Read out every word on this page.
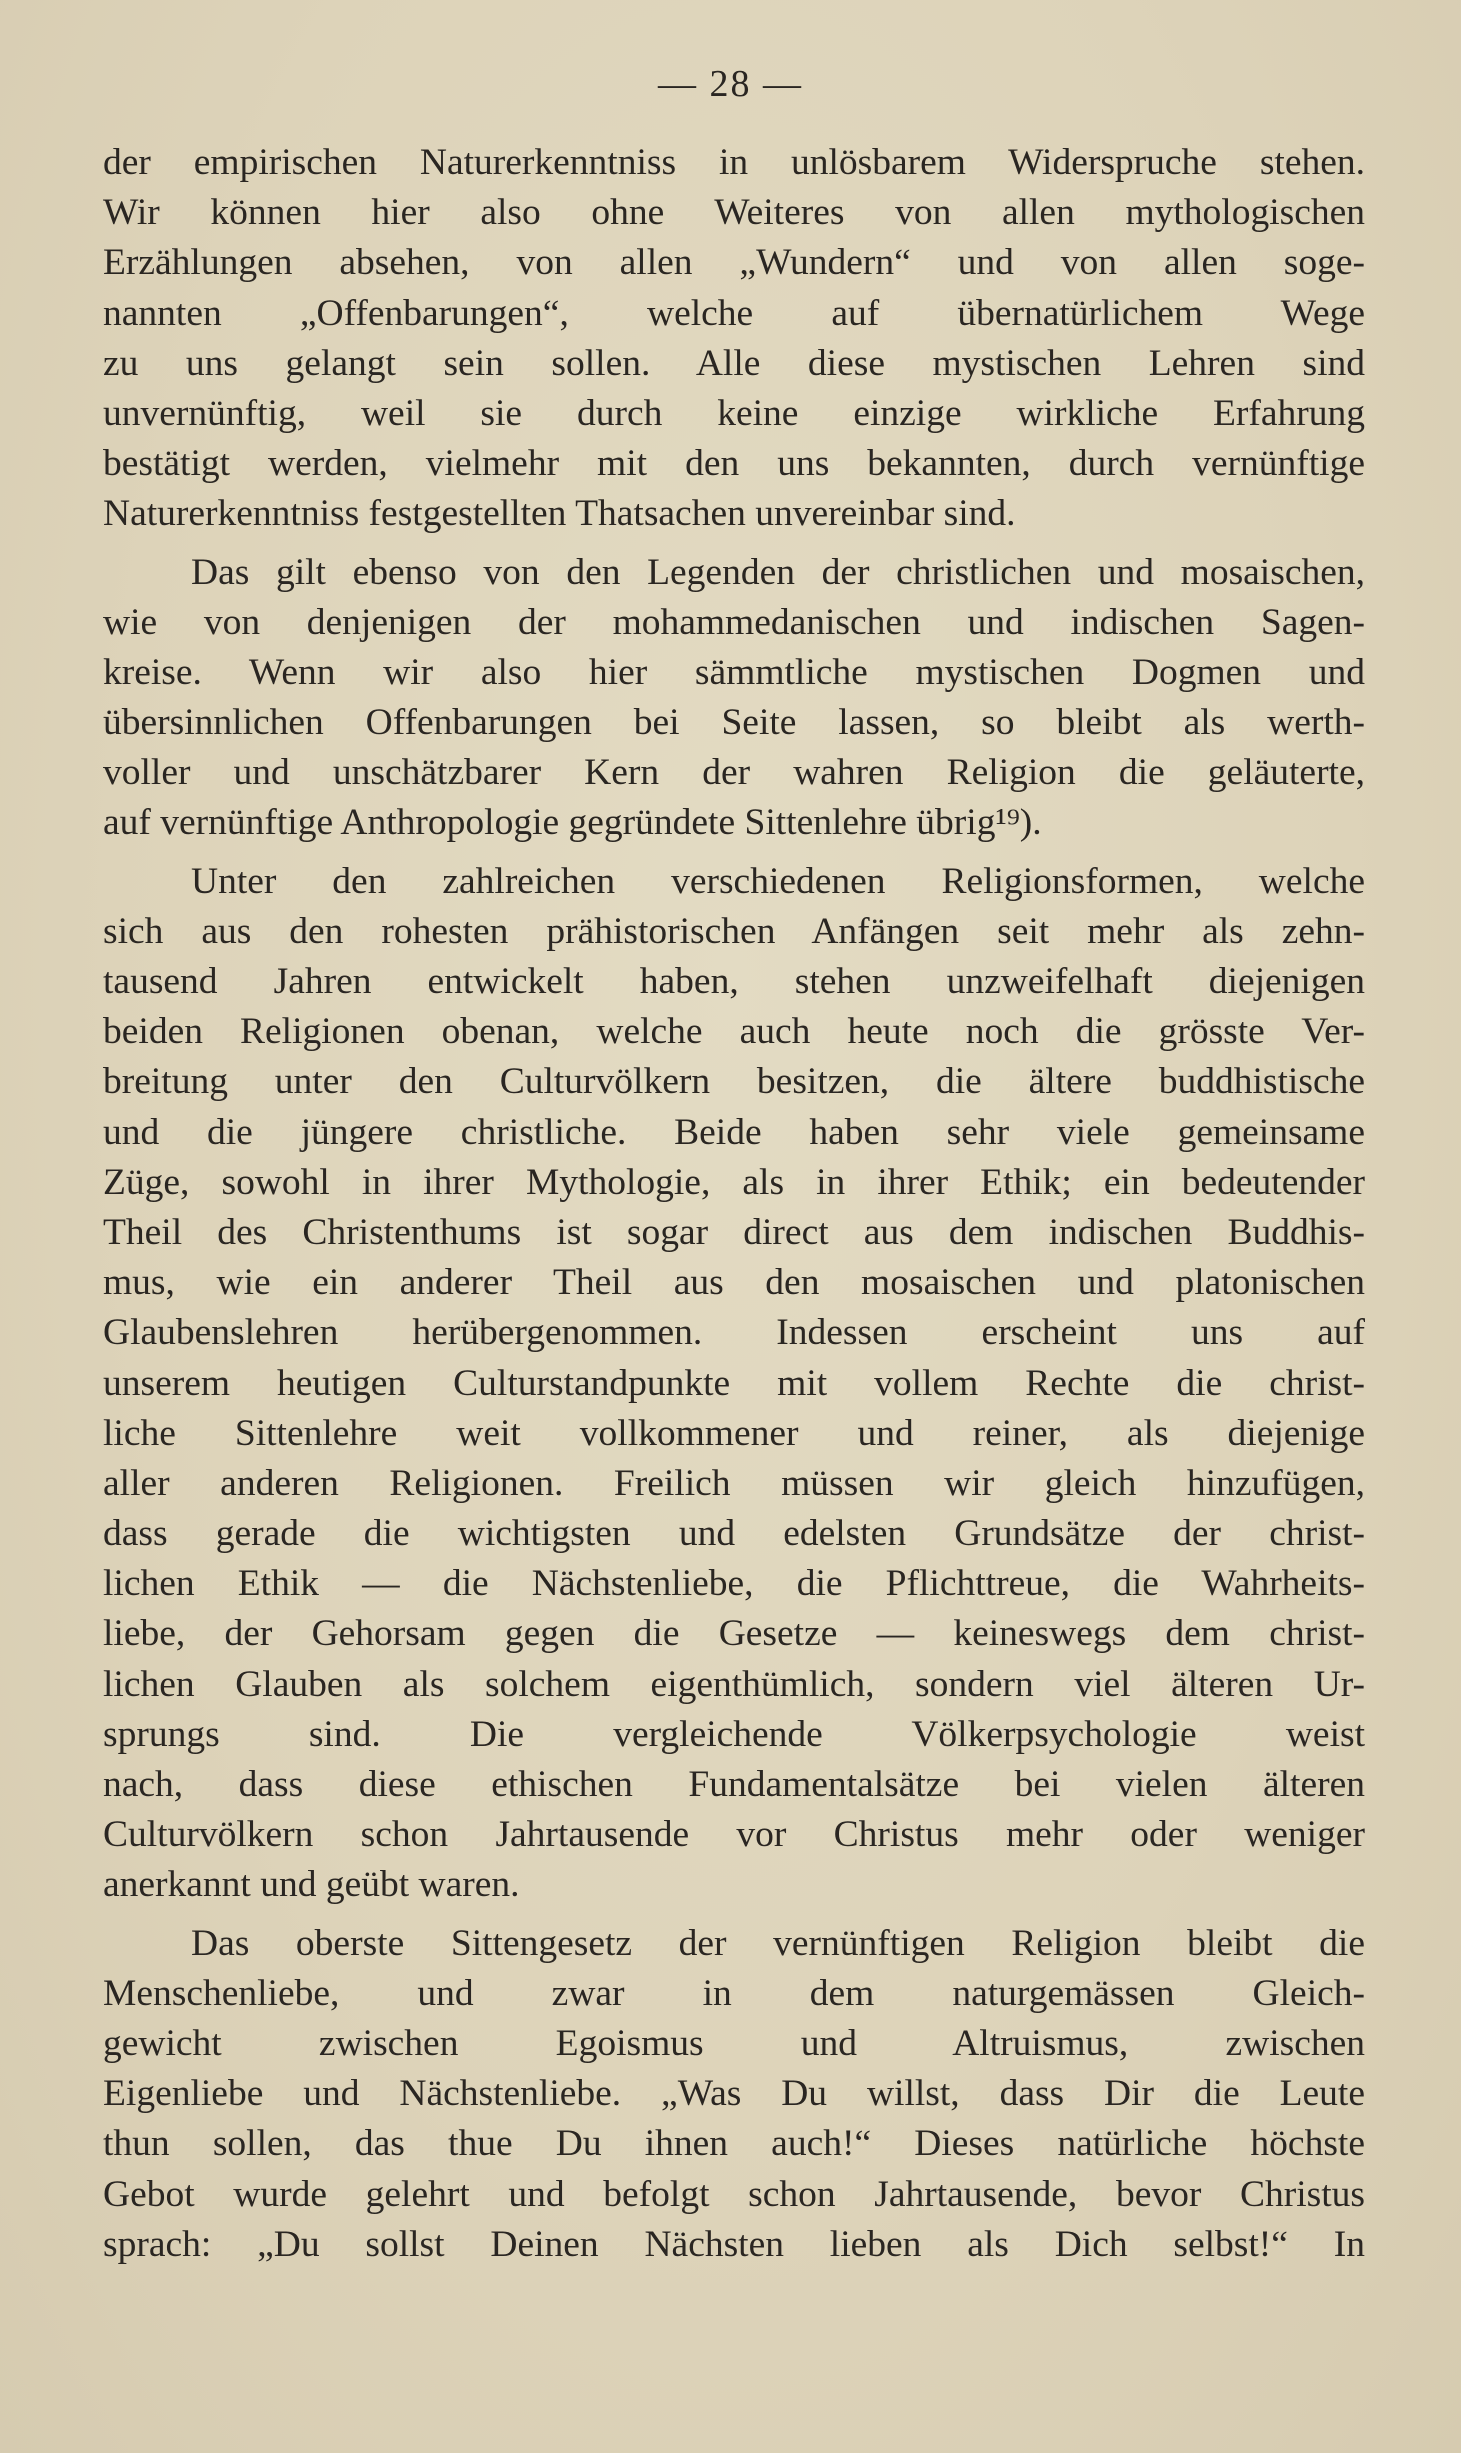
— 28 —
der empirischen Naturerkenntniss in unlösbarem Widerspruche stehen.
Wir können hier also ohne Weiteres von allen mythologischen
Erzählungen absehen, von allen „Wundern“ und von allen soge-
nannten „Offenbarungen“, welche auf übernatürlichem Wege
zu uns gelangt sein sollen. Alle diese mystischen Lehren sind
unvernünftig, weil sie durch keine einzige wirkliche Erfahrung
bestätigt werden, vielmehr mit den uns bekannten, durch vernünftige
Naturerkenntniss festgestellten Thatsachen unvereinbar sind.
Das gilt ebenso von den Legenden der christlichen und mosaischen,
wie von denjenigen der mohammedanischen und indischen Sagen-
kreise. Wenn wir also hier sämmtliche mystischen Dogmen und
übersinnlichen Offenbarungen bei Seite lassen, so bleibt als werth-
voller und unschätzbarer Kern der wahren Religion die geläuterte,
auf vernünftige Anthropologie gegründete Sittenlehre übrig¹⁹).
Unter den zahlreichen verschiedenen Religionsformen, welche
sich aus den rohesten prähistorischen Anfängen seit mehr als zehn-
tausend Jahren entwickelt haben, stehen unzweifelhaft diejenigen
beiden Religionen obenan, welche auch heute noch die grösste Ver-
breitung unter den Culturvölkern besitzen, die ältere buddhistische
und die jüngere christliche. Beide haben sehr viele gemeinsame
Züge, sowohl in ihrer Mythologie, als in ihrer Ethik; ein bedeutender
Theil des Christenthums ist sogar direct aus dem indischen Buddhis-
mus, wie ein anderer Theil aus den mosaischen und platonischen
Glaubenslehren herübergenommen. Indessen erscheint uns auf
unserem heutigen Culturstandpunkte mit vollem Rechte die christ-
liche Sittenlehre weit vollkommener und reiner, als diejenige
aller anderen Religionen. Freilich müssen wir gleich hinzufügen,
dass gerade die wichtigsten und edelsten Grundsätze der christ-
lichen Ethik — die Nächstenliebe, die Pflichttreue, die Wahrheits-
liebe, der Gehorsam gegen die Gesetze — keineswegs dem christ-
lichen Glauben als solchem eigenthümlich, sondern viel älteren Ur-
sprungs sind. Die vergleichende Völkerpsychologie weist
nach, dass diese ethischen Fundamentalsätze bei vielen älteren
Culturvölkern schon Jahrtausende vor Christus mehr oder weniger
anerkannt und geübt waren.
Das oberste Sittengesetz der vernünftigen Religion bleibt die
Menschenliebe, und zwar in dem naturgemässen Gleich-
gewicht zwischen Egoismus und Altruismus, zwischen
Eigenliebe und Nächstenliebe. „Was Du willst, dass Dir die Leute
thun sollen, das thue Du ihnen auch!“ Dieses natürliche höchste
Gebot wurde gelehrt und befolgt schon Jahrtausende, bevor Christus
sprach: „Du sollst Deinen Nächsten lieben als Dich selbst!“ In
